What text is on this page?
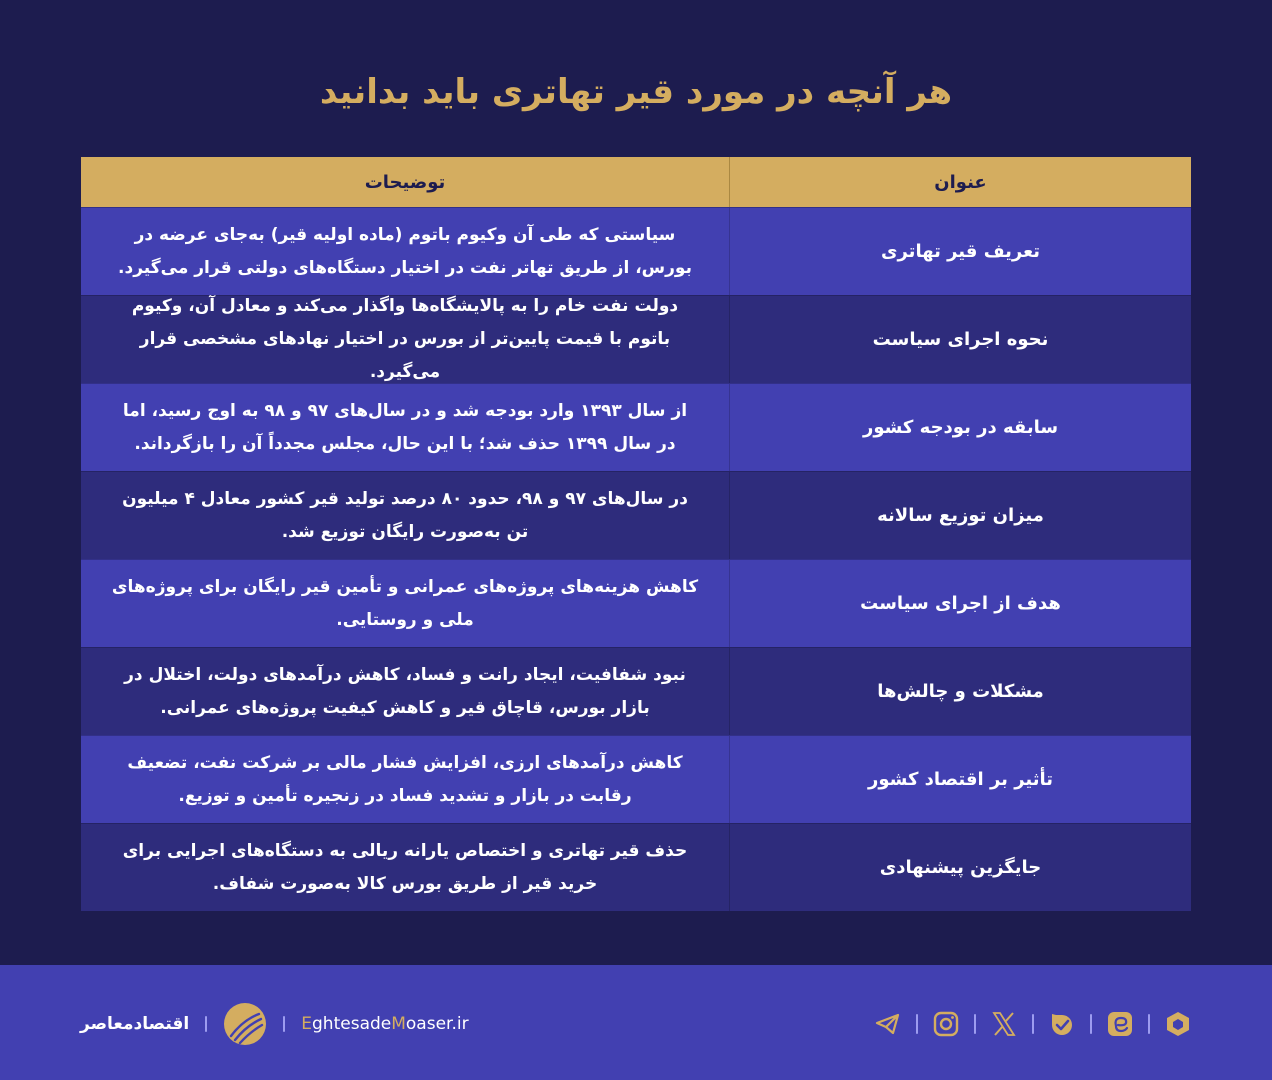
هر آنچه در مورد قیر تهاتری باید بدانید
عنوان
توضیحات
تعریف قیر تهاتری
سیاستی که طی آن وکیوم باتوم (ماده اولیه قیر) به‌جای عرضه در بورس، از طریق تهاتر نفت در اختیار دستگاه‌های دولتی قرار می‌گیرد.
نحوه اجرای سیاست
دولت نفت خام را به پالایشگاه‌ها واگذار می‌کند و معادل آن، وکیوم باتوم با قیمت پایین‌تر از بورس در اختیار نهادهای مشخصی قرار می‌گیرد.
سابقه در بودجه کشور
از سال ۱۳۹۳ وارد بودجه شد و در سال‌های ۹۷ و ۹۸ به اوج رسید، اما در سال ۱۳۹۹ حذف شد؛ با این حال، مجلس مجدداً آن را بازگرداند.
میزان توزیع سالانه
در سال‌های ۹۷ و ۹۸، حدود ۸۰ درصد تولید قیر کشور معادل ۴ میلیون تن به‌صورت رایگان توزیع شد.
هدف از اجرای سیاست
کاهش هزینه‌های پروژه‌های عمرانی و تأمین قیر رایگان برای پروژه‌های ملی و روستایی.
مشکلات و چالش‌ها
نبود شفافیت، ایجاد رانت و فساد، کاهش درآمدهای دولت، اختلال در بازار بورس، قاچاق قیر و کاهش کیفیت پروژه‌های عمرانی.
تأثیر بر اقتصاد کشور
کاهش درآمدهای ارزی، افزایش فشار مالی بر شرکت نفت، تضعیف رقابت در بازار و تشدید فساد در زنجیره تأمین و توزیع.
جایگزین پیشنهادی
حذف قیر تهاتری و اختصاص یارانه ریالی به دستگاه‌های اجرایی برای خرید قیر از طریق بورس کالا به‌صورت شفاف.
اقتصادمعاصر	EghtesadeMoaser.ir
